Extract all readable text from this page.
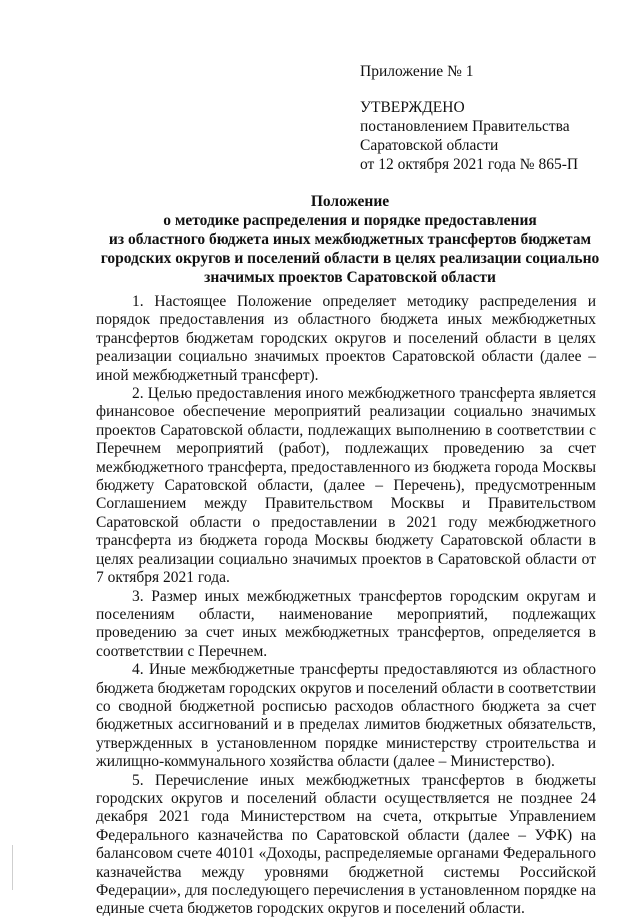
Приложение № 1
УТВЕРЖДЕНО
постановлением Правительства
Саратовской области
от 12 октября 2021 года № 865-П
Положение
о методике распределения и порядке предоставления
из областного бюджета иных межбюджетных трансфертов бюджетам
городских округов и поселений области в целях реализации социально
значимых проектов Саратовской области

1. Настоящее Положение определяет методику распределения и порядок предоставления из областного бюджета иных межбюджетных трансфертов бюджетам городских округов и поселений области в целях реализации социально значимых проектов Саратовской области (далее – иной межбюджетный трансферт).

2. Целью предоставления иного межбюджетного трансферта является финансовое обеспечение мероприятий реализации социально значимых проектов Саратовской области, подлежащих выполнению в соответствии с Перечнем мероприятий (работ), подлежащих проведению за счет межбюджетного трансферта, предоставленного из бюджета города Москвы бюджету Саратовской области, (далее – Перечень), предусмотренным Соглашением между Правительством Москвы и Правительством Саратовской области о предоставлении в 2021 году межбюджетного трансферта из бюджета города Москвы бюджету Саратовской области в целях реализации социально значимых проектов в Саратовской области от 7 октября 2021 года.

3. Размер иных межбюджетных трансфертов городским округам и поселениям области, наименование мероприятий, подлежащих проведению за счет иных межбюджетных трансфертов, определяется в соответствии с Перечнем.

4. Иные межбюджетные трансферты предоставляются из областного бюджета бюджетам городских округов и поселений области в соответствии со сводной бюджетной росписью расходов областного бюджета за счет бюджетных ассигнований и в пределах лимитов бюджетных обязательств, утвержденных в установленном порядке министерству строительства и жилищно-коммунального хозяйства области (далее – Министерство).

5. Перечисление иных межбюджетных трансфертов в бюджеты городских округов и поселений области осуществляется не позднее 24 декабря 2021 года Министерством на счета, открытые Управлением Федерального казначейства по Саратовской области (далее – УФК) на балансовом счете 40101 «Доходы, распределяемые органами Федерального казначейства между уровнями бюджетной системы Российской Федерации», для последующего перечисления в установленном порядке на единые счета бюджетов городских округов и поселений области.
